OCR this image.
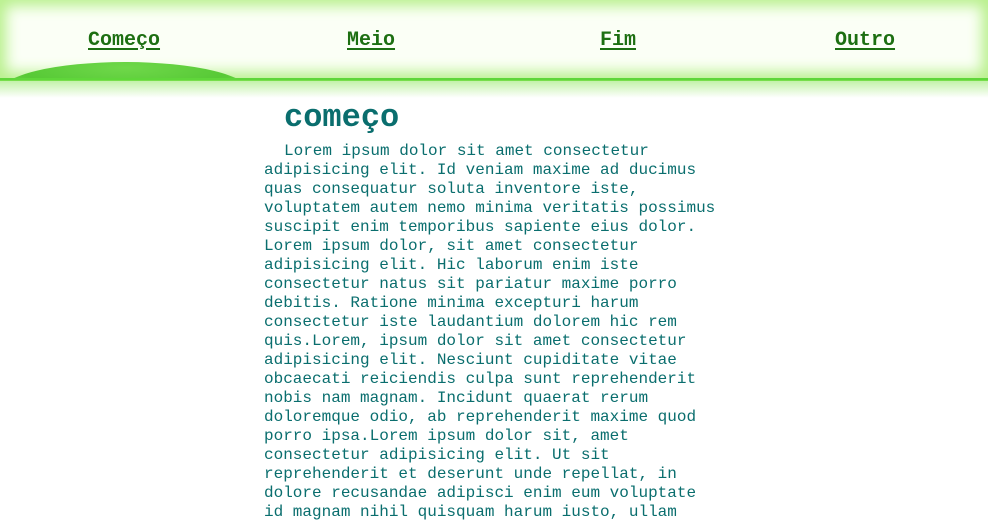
Começo	Meio	Fim	Outro
começo

Lorem ipsum dolor sit amet consectetur adipisicing elit. Id veniam maxime ad ducimus quas consequatur soluta inventore iste, voluptatem autem nemo minima veritatis possimus suscipit enim temporibus sapiente eius dolor. Lorem ipsum dolor, sit amet consectetur adipisicing elit. Hic laborum enim iste consectetur natus sit pariatur maxime porro debitis. Ratione minima excepturi harum consectetur iste laudantium dolorem hic rem quis.Lorem, ipsum dolor sit amet consectetur adipisicing elit. Nesciunt cupiditate vitae obcaecati reiciendis culpa sunt reprehenderit nobis nam magnam. Incidunt quaerat rerum doloremque odio, ab reprehenderit maxime quod porro ipsa.Lorem ipsum dolor sit, amet consectetur adipisicing elit. Ut sit reprehenderit et deserunt unde repellat, in dolore recusandae adipisci enim eum voluptate id magnam nihil quisquam harum iusto, ullam
